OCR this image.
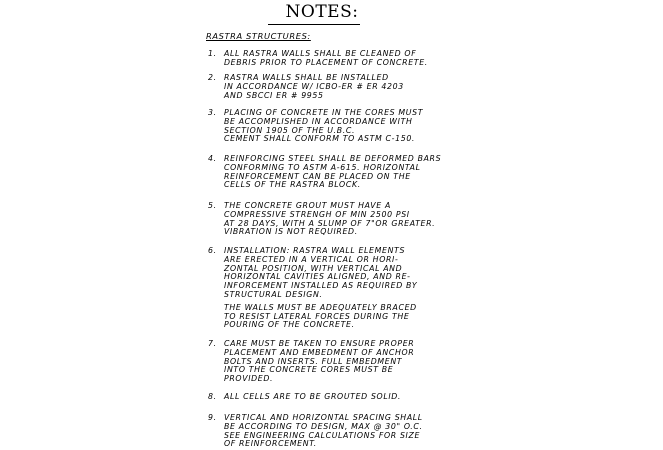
NOTES:
RASTRA STRUCTURES:
1. ALL RASTRA WALLS SHALL BE CLEANED OF
DEBRIS PRIOR TO PLACEMENT OF CONCRETE.
2. RASTRA WALLS SHALL BE INSTALLED
IN ACCORDANCE W/ ICBO-ER # ER 4203
AND SBCCI ER # 9955
3. PLACING OF CONCRETE IN THE CORES MUST
BE ACCOMPLISHED IN ACCORDANCE WITH
SECTION 1905 OF THE U.B.C.
CEMENT SHALL CONFORM TO ASTM C-150.
4. REINFORCING STEEL SHALL BE DEFORMED BARS
CONFORMING TO ASTM A-615. HORIZONTAL
REINFORCEMENT CAN BE PLACED ON THE
CELLS OF THE RASTRA BLOCK.
5. THE CONCRETE GROUT MUST HAVE A
COMPRESSIVE STRENGH OF MIN 2500 PSI
AT 28 DAYS, WITH A SLUMP OF 7"OR GREATER.
VIBRATION IS NOT REQUIRED.
6. INSTALLATION: RASTRA WALL ELEMENTS
ARE ERECTED IN A VERTICAL OR HORI-
ZONTAL POSITION, WITH VERTICAL AND
HORIZONTAL CAVITIES ALIGNED, AND RE-
INFORCEMENT INSTALLED AS REQUIRED BY
STRUCTURAL DESIGN.
THE WALLS MUST BE ADEQUATELY BRACED
TO RESIST LATERAL FORCES DURING THE
POURING OF THE CONCRETE.
7. CARE MUST BE TAKEN TO ENSURE PROPER
PLACEMENT AND EMBEDMENT OF ANCHOR
BOLTS AND INSERTS. FULL EMBEDMENT
INTO THE CONCRETE CORES MUST BE
PROVIDED.
8. ALL CELLS ARE TO BE GROUTED SOLID.
9. VERTICAL AND HORIZONTAL SPACING SHALL
BE ACCORDING TO DESIGN, MAX @ 30" O.C.
SEE ENGINEERING CALCULATIONS FOR SIZE
OF REINFORCEMENT.
